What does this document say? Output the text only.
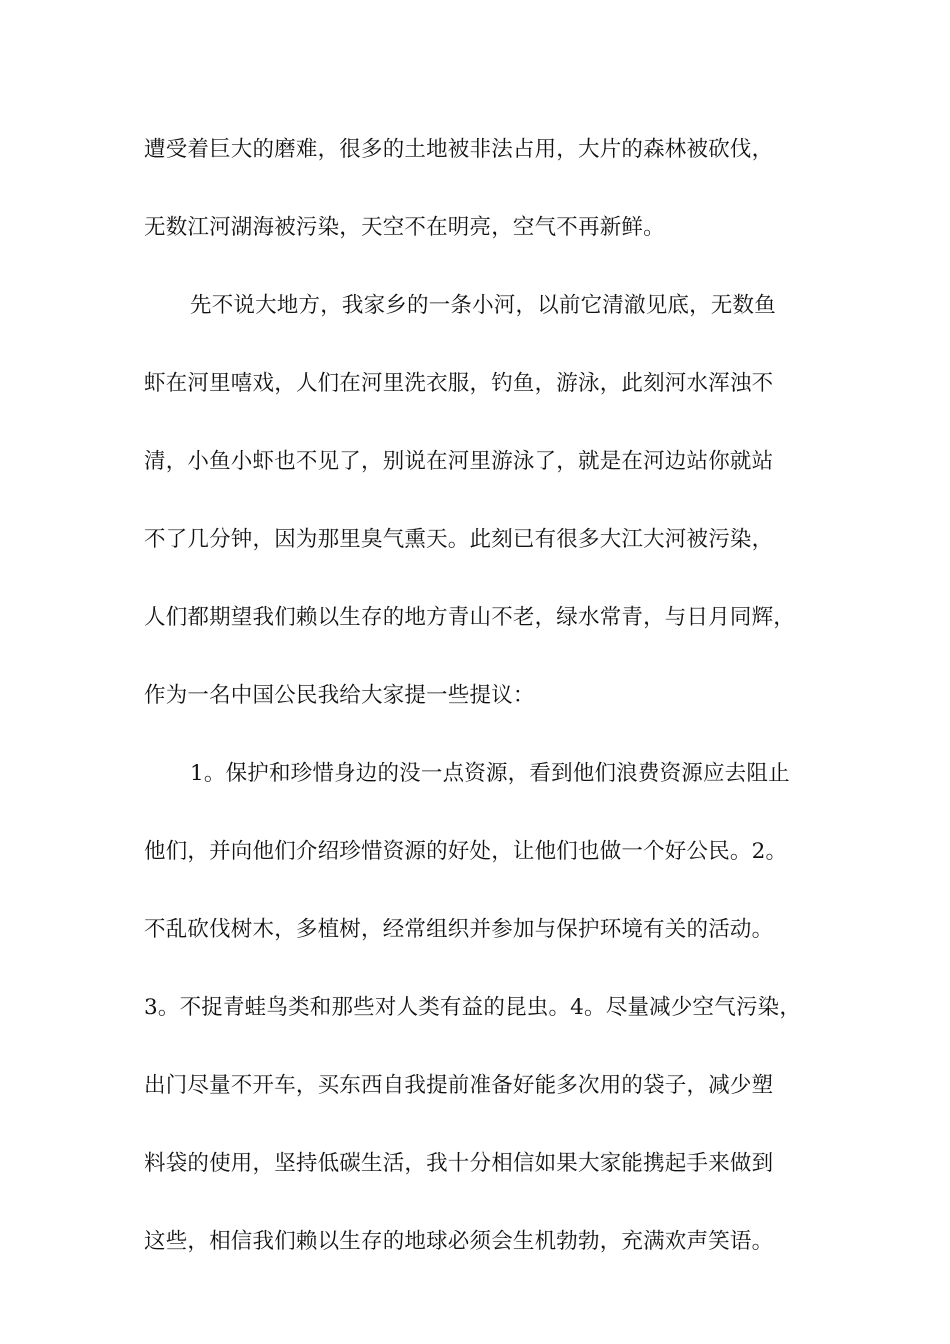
遭受着巨大的磨难，很多的土地被非法占用，大片的森林被砍伐，
无数江河湖海被污染，天空不在明亮，空气不再新鲜。
先不说大地方，我家乡的一条小河，以前它清澈见底，无数鱼
虾在河里嘻戏，人们在河里洗衣服，钓鱼，游泳，此刻河水浑浊不
清，小鱼小虾也不见了，别说在河里游泳了，就是在河边站你就站
不了几分钟，因为那里臭气熏天。此刻已有很多大江大河被污染，
人们都期望我们赖以生存的地方青山不老，绿水常青，与日月同辉，
作为一名中国公民我给大家提一些提议：
1。保护和珍惜身边的没一点资源，看到他们浪费资源应去阻止
他们，并向他们介绍珍惜资源的好处，让他们也做一个好公民。2。
不乱砍伐树木，多植树，经常组织并参加与保护环境有关的活动。
3。不捉青蛙鸟类和那些对人类有益的昆虫。4。尽量减少空气污染，
出门尽量不开车，买东西自我提前准备好能多次用的袋子，减少塑
料袋的使用，坚持低碳生活，我十分相信如果大家能携起手来做到
这些，相信我们赖以生存的地球必须会生机勃勃，充满欢声笑语。
